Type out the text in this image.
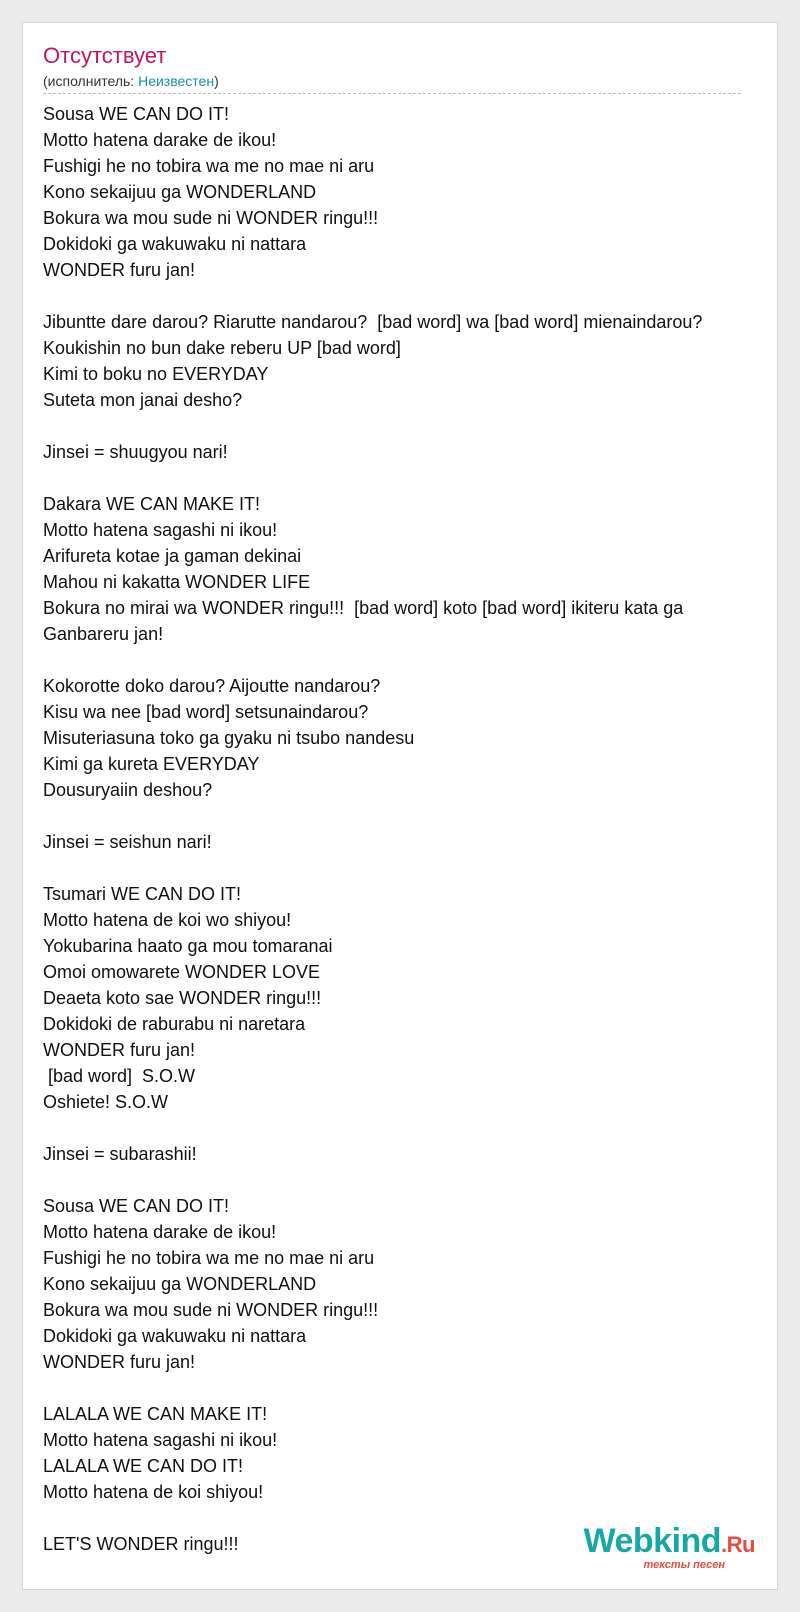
Отсутствует
(исполнитель: Неизвестен)
Sousa WE CAN DO IT!
Motto hatena darake de ikou!
Fushigi he no tobira wa me no mae ni aru
Kono sekaijuu ga WONDERLAND
Bokura wa mou sude ni WONDER ringu!!!
Dokidoki ga wakuwaku ni nattara
WONDER furu jan!
Jibuntte dare darou? Riarutte nandarou?  [bad word] wa [bad word] mienaindarou?
Koukishin no bun dake reberu UP [bad word]
Kimi to boku no EVERYDAY
Suteta mon janai desho?
Jinsei = shuugyou nari!
Dakara WE CAN MAKE IT!
Motto hatena sagashi ni ikou!
Arifureta kotae ja gaman dekinai
Mahou ni kakatta WONDER LIFE
Bokura no mirai wa WONDER ringu!!!  [bad word] koto [bad word] ikiteru kata ga
Ganbareru jan!
Kokorotte doko darou? Aijoutte nandarou?
Kisu wa nee [bad word] setsunaindarou?
Misuteriasuna toko ga gyaku ni tsubo nandesu
Kimi ga kureta EVERYDAY
Dousuryaiin deshou?
Jinsei = seishun nari!
Tsumari WE CAN DO IT!
Motto hatena de koi wo shiyou!
Yokubarina haato ga mou tomaranai
Omoi omowarete WONDER LOVE
Deaeta koto sae WONDER ringu!!!
Dokidoki de raburabu ni naretara
WONDER furu jan!
[bad word]  S.O.W
Oshiete! S.O.W
Jinsei = subarashii!
Sousa WE CAN DO IT!
Motto hatena darake de ikou!
Fushigi he no tobira wa me no mae ni aru
Kono sekaijuu ga WONDERLAND
Bokura wa mou sude ni WONDER ringu!!!
Dokidoki ga wakuwaku ni nattara
WONDER furu jan!
LALALA WE CAN MAKE IT!
Motto hatena sagashi ni ikou!
LALALA WE CAN DO IT!
Motto hatena de koi shiyou!
LET'S WONDER ringu!!!	Webkind.Ru
тексты песен
